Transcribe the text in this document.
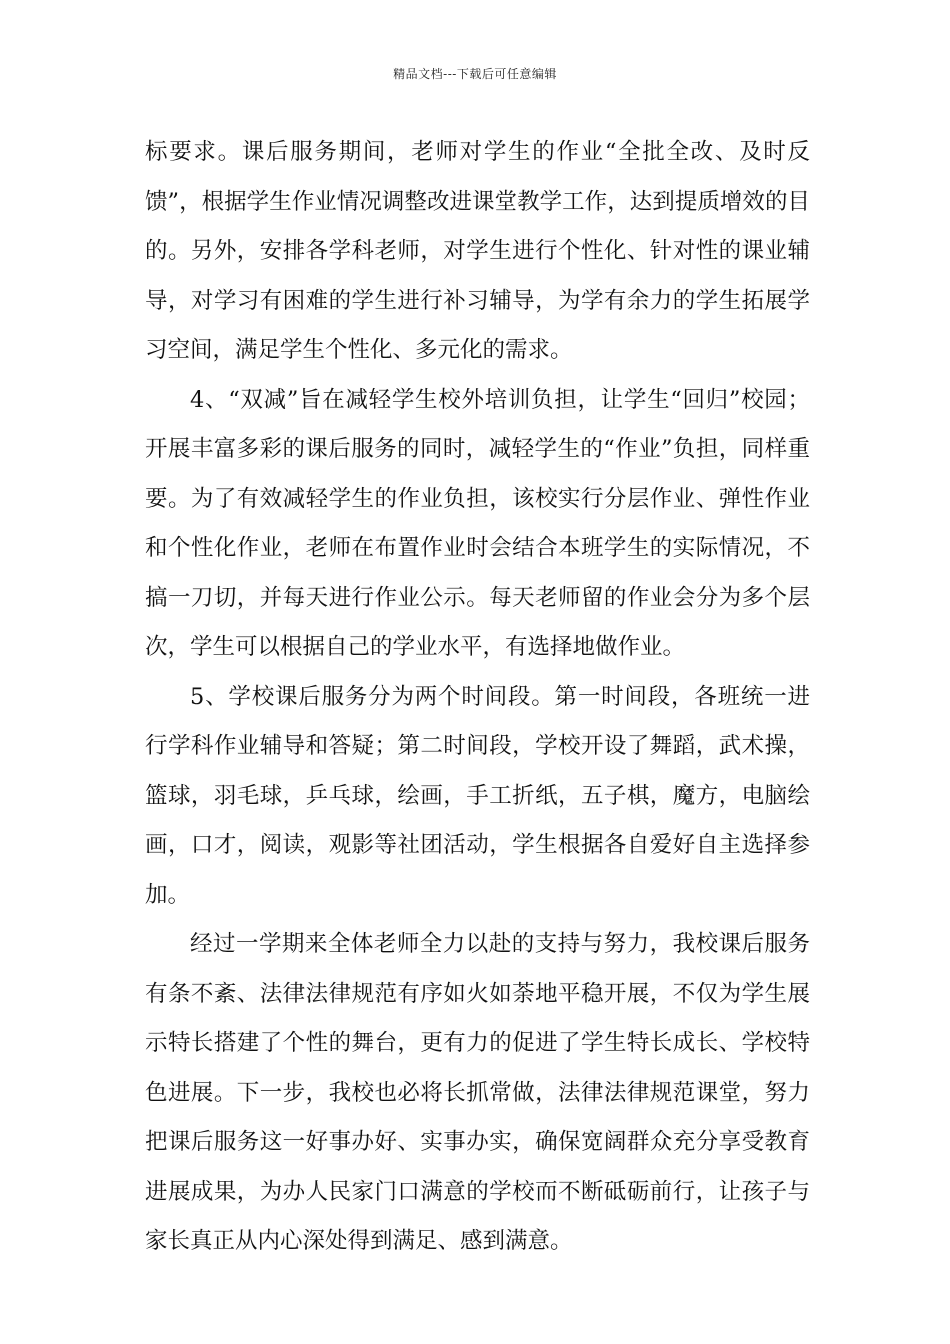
精品文档---下载后可任意编辑

标要求。课后服务期间，老师对学生的作业“全批全改、及时反馈”，根据学生作业情况调整改进课堂教学工作，达到提质增效的目的。另外，安排各学科老师，对学生进行个性化、针对性的课业辅导，对学习有困难的学生进行补习辅导，为学有余力的学生拓展学习空间，满足学生个性化、多元化的需求。

4、“双减”旨在减轻学生校外培训负担，让学生“回归”校园；开展丰富多彩的课后服务的同时，减轻学生的“作业”负担，同样重要。为了有效减轻学生的作业负担，该校实行分层作业、弹性作业和个性化作业，老师在布置作业时会结合本班学生的实际情况，不搞一刀切，并每天进行作业公示。每天老师留的作业会分为多个层次，学生可以根据自己的学业水平，有选择地做作业。

5、学校课后服务分为两个时间段。第一时间段，各班统一进行学科作业辅导和答疑；第二时间段，学校开设了舞蹈，武术操，篮球，羽毛球，乒乓球，绘画，手工折纸，五子棋，魔方，电脑绘画，口才，阅读，观影等社团活动，学生根据各自爱好自主选择参加。

经过一学期来全体老师全力以赴的支持与努力，我校课后服务有条不紊、法律法律规范有序如火如荼地平稳开展，不仅为学生展示特长搭建了个性的舞台，更有力的促进了学生特长成长、学校特色进展。下一步，我校也必将长抓常做，法律法律规范课堂，努力把课后服务这一好事办好、实事办实，确保宽阔群众充分享受教育进展成果，为办人民家门口满意的学校而不断砥砺前行，让孩子与家长真正从内心深处得到满足、感到满意。
